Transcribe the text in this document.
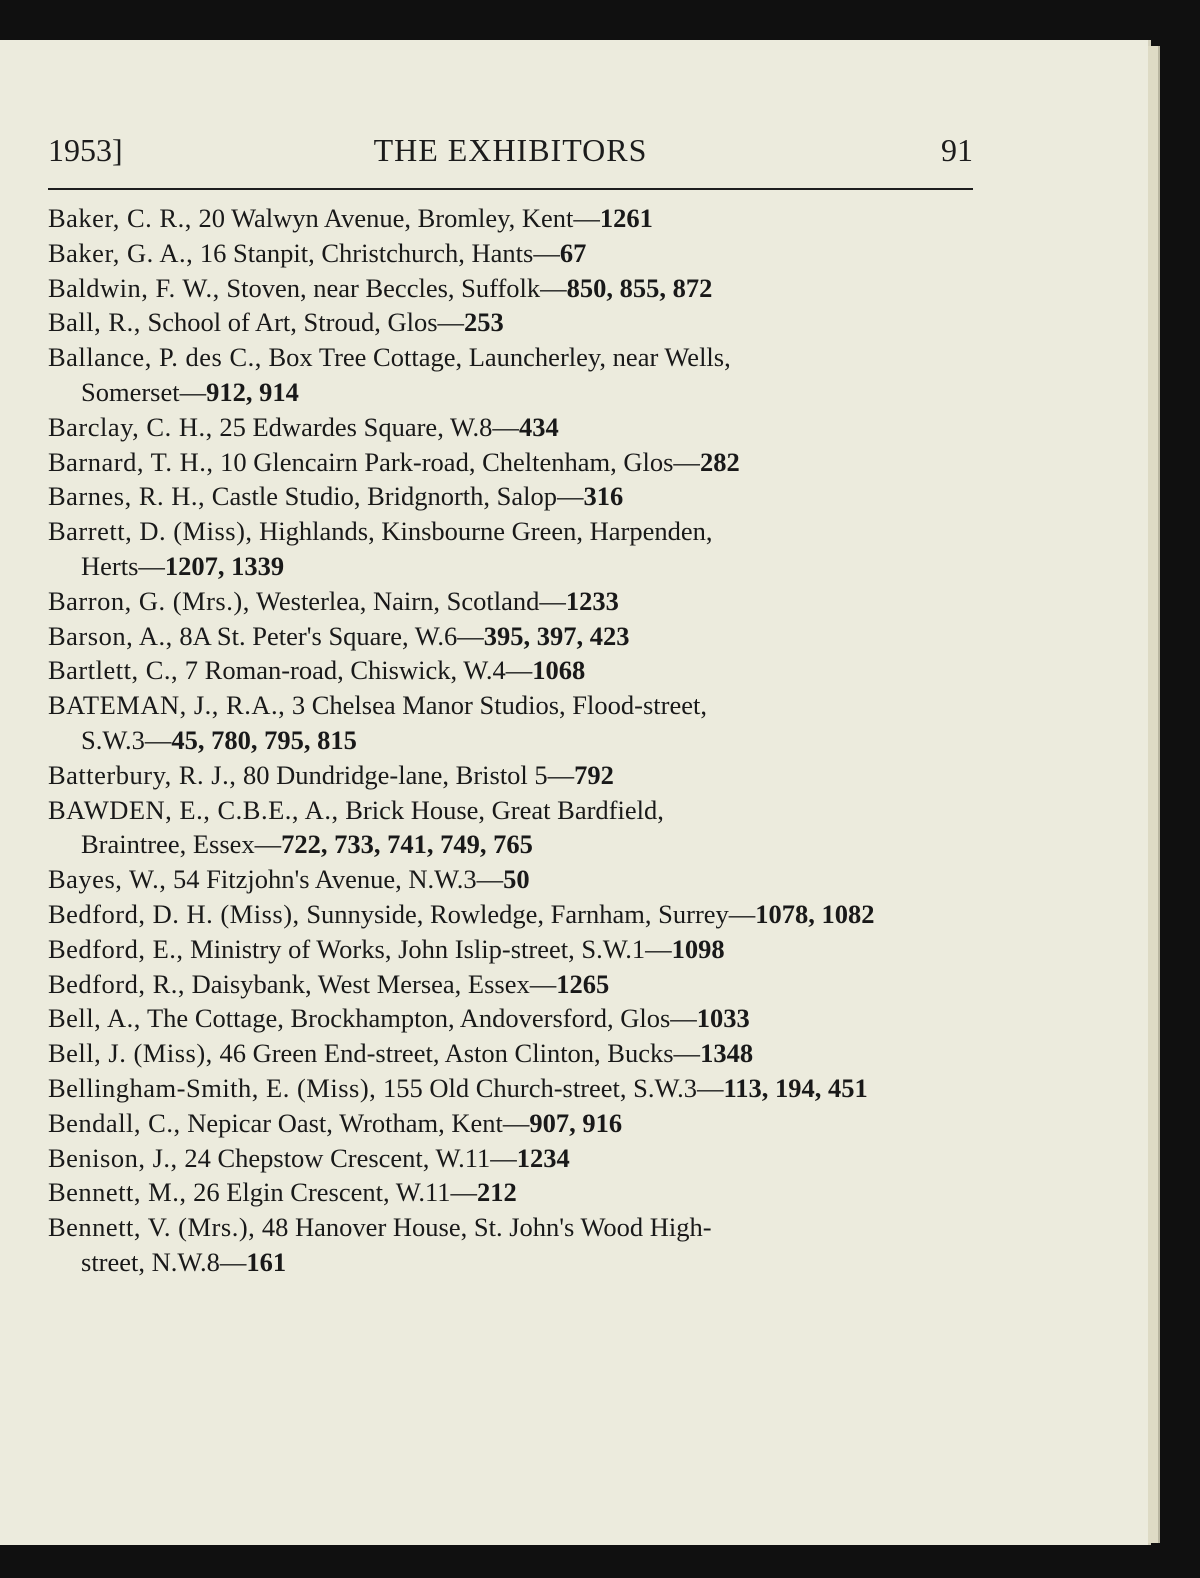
1953]	THE EXHIBITORS	91

Baker, C. R., 20 Walwyn Avenue, Bromley, Kent—1261

Baker, G. A., 16 Stanpit, Christchurch, Hants—67

Baldwin, F. W., Stoven, near Beccles, Suffolk—850, 855, 872

Ball, R., School of Art, Stroud, Glos—253

Ballance, P. des C., Box Tree Cottage, Launcherley, near Wells,
Somerset—912, 914

Barclay, C. H., 25 Edwardes Square, W.8—434

Barnard, T. H., 10 Glencairn Park-road, Cheltenham, Glos—282

Barnes, R. H., Castle Studio, Bridgnorth, Salop—316

Barrett, D. (Miss), Highlands, Kinsbourne Green, Harpenden,
Herts—1207, 1339

Barron, G. (Mrs.), Westerlea, Nairn, Scotland—1233

Barson, A., 8A St. Peter's Square, W.6—395, 397, 423

Bartlett, C., 7 Roman-road, Chiswick, W.4—1068

BATEMAN, J., R.A., 3 Chelsea Manor Studios, Flood-street,
S.W.3—45, 780, 795, 815

Batterbury, R. J., 80 Dundridge-lane, Bristol 5—792

BAWDEN, E., C.B.E., A., Brick House, Great Bardfield,
Braintree, Essex—722, 733, 741, 749, 765

Bayes, W., 54 Fitzjohn's Avenue, N.W.3—50

Bedford, D. H. (Miss), Sunnyside, Rowledge, Farnham, Surrey—1078, 1082

Bedford, E., Ministry of Works, John Islip-street, S.W.1—1098

Bedford, R., Daisybank, West Mersea, Essex—1265

Bell, A., The Cottage, Brockhampton, Andoversford, Glos—1033

Bell, J. (Miss), 46 Green End-street, Aston Clinton, Bucks—1348

Bellingham-Smith, E. (Miss), 155 Old Church-street, S.W.3—113, 194, 451

Bendall, C., Nepicar Oast, Wrotham, Kent—907, 916

Benison, J., 24 Chepstow Crescent, W.11—1234

Bennett, M., 26 Elgin Crescent, W.11—212

Bennett, V. (Mrs.), 48 Hanover House, St. John's Wood High-
street, N.W.8—161
